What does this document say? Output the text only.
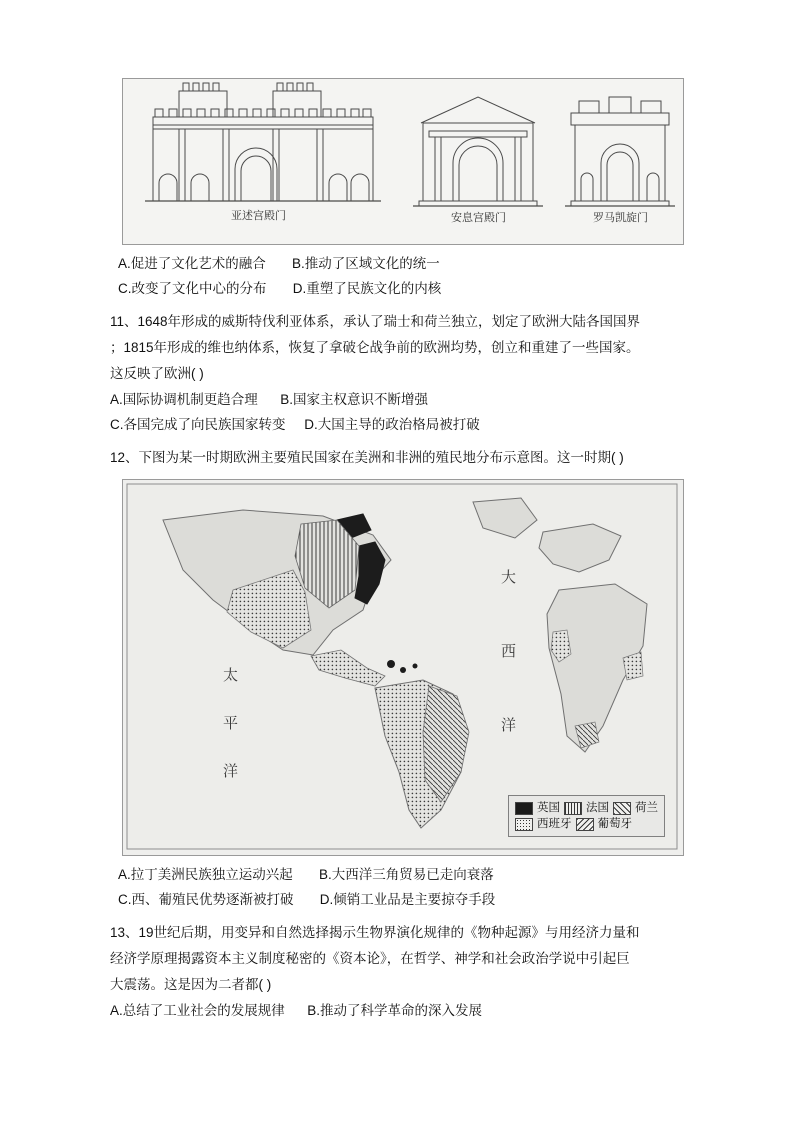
亚述宫殿门	安息宫殿门	罗马凯旋门
A.促进了文化艺术的融合       B.推动了区域文化的统一
C.改变了文化中心的分布       D.重塑了民族文化的内核

11、1648年形成的威斯特伐利亚体系，承认了瑞士和荷兰独立，划定了欧洲大陆各国国界

；1815年形成的维也纳体系，恢复了拿破仑战争前的欧洲均势，创立和重建了一些国家。

这反映了欧洲( )

A.国际协调机制更趋合理      B.国家主权意识不断增强

C.各国完成了向民族国家转变     D.大国主导的政治格局被打破

12、下图为某一时期欧洲主要殖民国家在美洲和非洲的殖民地分布示意图。这一时期( )

太
平
洋
大
西
洋
英国 法国 荷兰
西班牙 葡萄牙
A.拉丁美洲民族独立运动兴起       B.大西洋三角贸易已走向衰落
C.西、葡殖民优势逐渐被打破       D.倾销工业品是主要掠夺手段

13、19世纪后期，用变异和自然选择揭示生物界演化规律的《物种起源》与用经济力量和

经济学原理揭露资本主义制度秘密的《资本论》，在哲学、神学和社会政治学说中引起巨

大震荡。这是因为二者都( )

A.总结了工业社会的发展规律      B.推动了科学革命的深入发展
